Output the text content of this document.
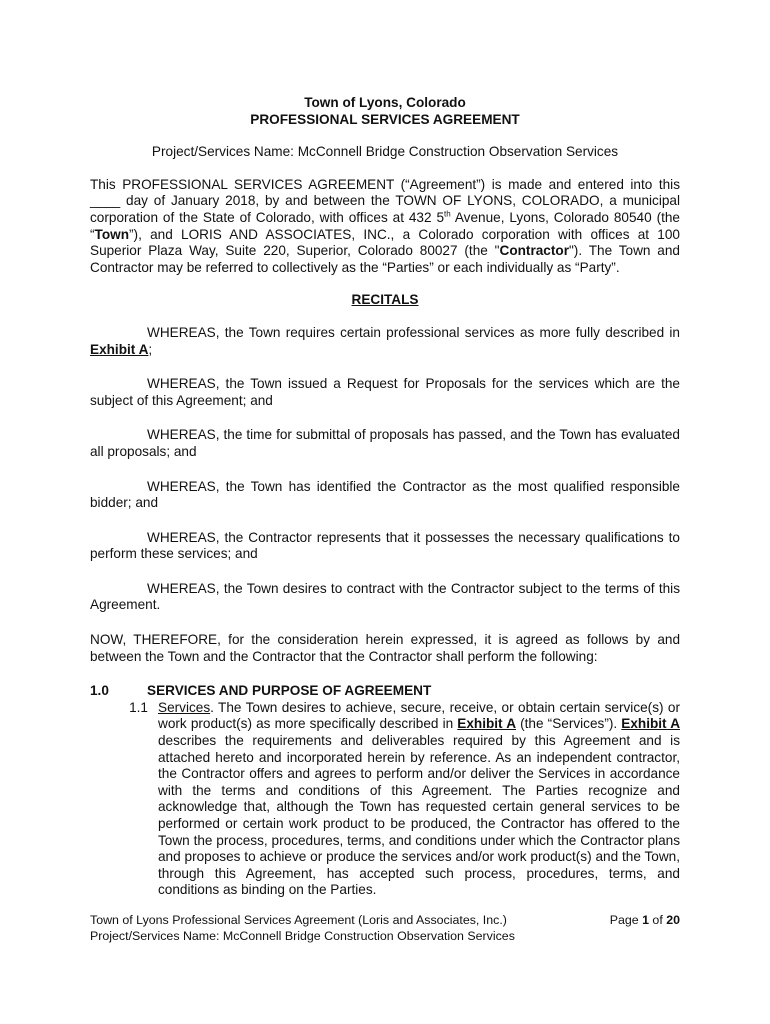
Town of Lyons, Colorado

PROFESSIONAL SERVICES AGREEMENT

Project/Services Name: McConnell Bridge Construction Observation Services

This PROFESSIONAL SERVICES AGREEMENT (“Agreement”) is made and entered into this ____ day of January 2018, by and between the TOWN OF LYONS, COLORADO, a municipal corporation of the State of Colorado, with offices at 432 5th Avenue, Lyons, Colorado 80540 (the “Town”), and LORIS AND ASSOCIATES, INC., a Colorado corporation with offices at 100 Superior Plaza Way, Suite 220, Superior, Colorado 80027 (the "Contractor"). The Town and Contractor may be referred to collectively as the “Parties” or each individually as “Party”.

RECITALS

WHEREAS, the Town requires certain professional services as more fully described in Exhibit A;

WHEREAS, the Town issued a Request for Proposals for the services which are the subject of this Agreement; and

WHEREAS, the time for submittal of proposals has passed, and the Town has evaluated all proposals; and

WHEREAS, the Town has identified the Contractor as the most qualified responsible bidder; and

WHEREAS, the Contractor represents that it possesses the necessary qualifications to perform these services; and

WHEREAS, the Town desires to contract with the Contractor subject to the terms of this Agreement.

NOW, THEREFORE, for the consideration herein expressed, it is agreed as follows by and between the Town and the Contractor that the Contractor shall perform the following:

1.0	SERVICES AND PURPOSE OF AGREEMENT
1.1 Services. The Town desires to achieve, secure, receive, or obtain certain service(s) or work product(s) as more specifically described in Exhibit A (the “Services”). Exhibit A describes the requirements and deliverables required by this Agreement and is attached hereto and incorporated herein by reference. As an independent contractor, the Contractor offers and agrees to perform and/or deliver the Services in accordance with the terms and conditions of this Agreement. The Parties recognize and acknowledge that, although the Town has requested certain general services to be performed or certain work product to be produced, the Contractor has offered to the Town the process, procedures, terms, and conditions under which the Contractor plans and proposes to achieve or produce the services and/or work product(s) and the Town, through this Agreement, has accepted such process, procedures, terms, and conditions as binding on the Parties.

Town of Lyons Professional Services Agreement (Loris and Associates, Inc.)	Page 1 of 20
Project/Services Name: McConnell Bridge Construction Observation Services
